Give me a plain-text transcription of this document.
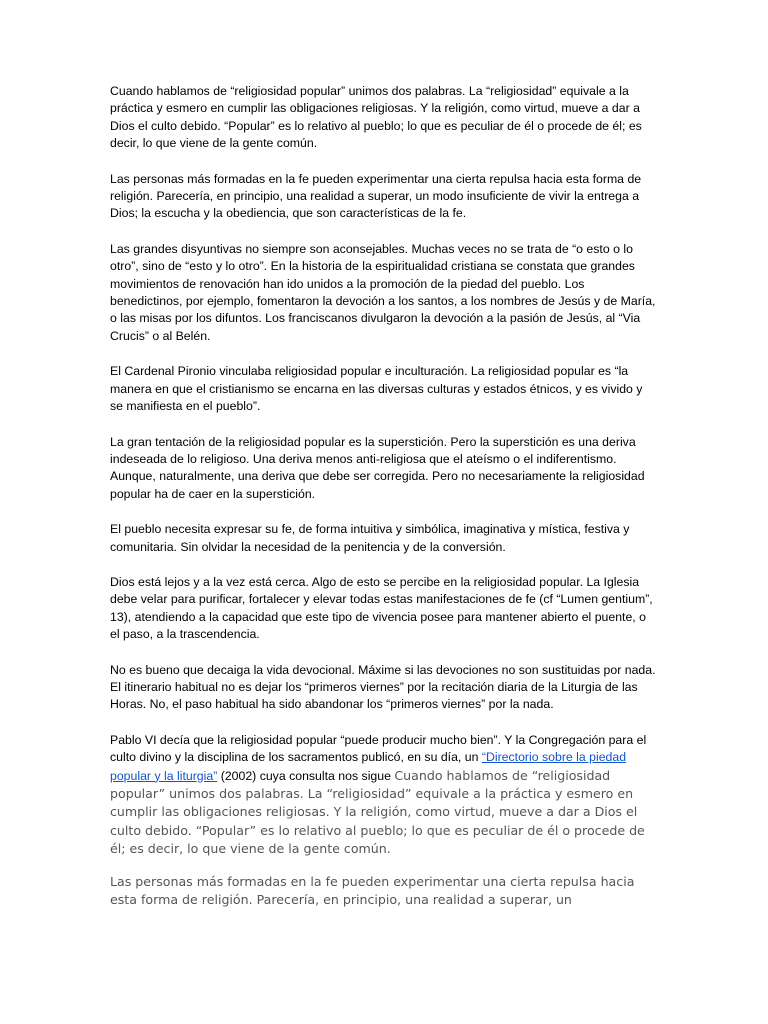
Cuando hablamos de “religiosidad popular” unimos dos palabras. La “religiosidad” equivale a la práctica y esmero en cumplir las obligaciones religiosas. Y la religión, como virtud, mueve a dar a Dios el culto debido. “Popular” es lo relativo al pueblo; lo que es peculiar de él o procede de él; es decir, lo que viene de la gente común.

Las personas más formadas en la fe pueden experimentar una cierta repulsa hacia esta forma de religión. Parecería, en principio, una realidad a superar, un modo insuficiente de vivir la entrega a Dios; la escucha y la obediencia, que son características de la fe.

Las grandes disyuntivas no siempre son aconsejables. Muchas veces no se trata de “o esto o lo otro”, sino de “esto y lo otro”. En la historia de la espiritualidad cristiana se constata que grandes movimientos de renovación han ido unidos a la promoción de la piedad del pueblo. Los benedictinos, por ejemplo, fomentaron la devoción a los santos, a los nombres de Jesús y de María, o las misas por los difuntos. Los franciscanos divulgaron la devoción a la pasión de Jesús, al “Via Crucis” o al Belén.

El Cardenal Pironio vinculaba religiosidad popular e inculturación. La religiosidad popular es “la manera en que el cristianismo se encarna en las diversas culturas y estados étnicos, y es vivido y se manifiesta en el pueblo”.

La gran tentación de la religiosidad popular es la superstición. Pero la superstición es una deriva indeseada de lo religioso. Una deriva menos anti-religiosa que el ateísmo o el indiferentismo. Aunque, naturalmente, una deriva que debe ser corregida. Pero no necesariamente la religiosidad popular ha de caer en la superstición.

El pueblo necesita expresar su fe, de forma intuitiva y simbólica, imaginativa y mística, festiva y comunitaria. Sin olvidar la necesidad de la penitencia y de la conversión.

Dios está lejos y a la vez está cerca. Algo de esto se percibe en la religiosidad popular. La Iglesia debe velar para purificar, fortalecer y elevar todas estas manifestaciones de fe (cf “Lumen gentium”, 13), atendiendo a la capacidad que este tipo de vivencia posee para mantener abierto el puente, o el paso, a la trascendencia.

No es bueno que decaiga la vida devocional. Máxime si las devociones no son sustituidas por nada. El itinerario habitual no es dejar los “primeros viernes” por la recitación diaria de la Liturgia de las Horas. No, el paso habitual ha sido abandonar los “primeros viernes” por la nada.

Pablo VI decía que la religiosidad popular “puede producir mucho bien”. Y la Congregación para el culto divino y la disciplina de los sacramentos publicó, en su día, un “Directorio sobre la piedad popular y la liturgia” (2002) cuya consulta nos sigue Cuando hablamos de “religiosidad popular” unimos dos palabras. La “religiosidad” equivale a la práctica y esmero en cumplir las obligaciones religiosas. Y la religión, como virtud, mueve a dar a Dios el culto debido. “Popular” es lo relativo al pueblo; lo que es peculiar de él o procede de él; es decir, lo que viene de la gente común.

Las personas más formadas en la fe pueden experimentar una cierta repulsa hacia esta forma de religión. Parecería, en principio, una realidad a superar, un
